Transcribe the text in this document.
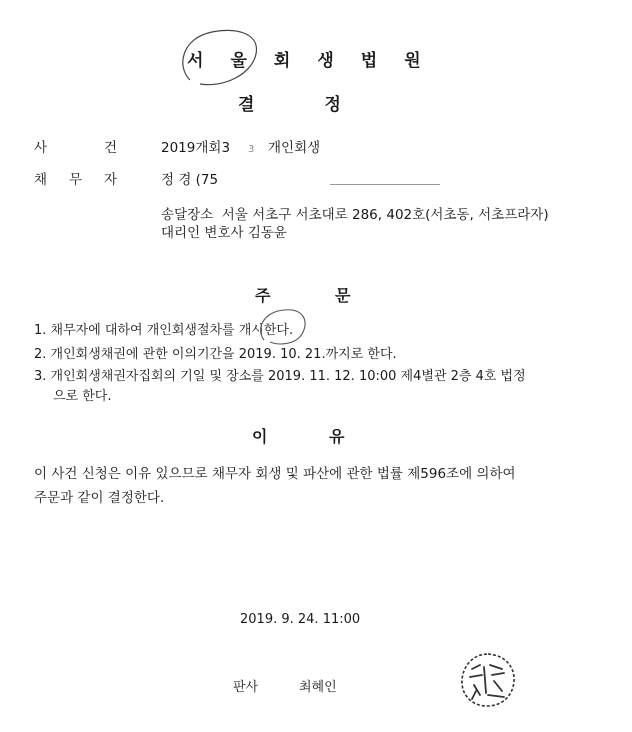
서 울 회 생 법 원
결	정
사	건	2019개회3 3 개인회생
채 무 자	정 경 (75
송달장소 서울 서초구 서초대로 286, 402호(서초동, 서초프라자)
대리인 변호사 김동윤
주	문
1. 채무자에 대하여 개인회생절차를 개시한다.
2. 개인회생채권에 관한 이의기간을 2019. 10. 21.까지로 한다.
3. 개인회생채권자집회의 기일 및 장소를 2019. 11. 12. 10:00 제4별관 2층 4호 법정
으로 한다.
이	유
이 사건 신청은 이유 있으므로 채무자 회생 및 파산에 관한 법률 제596조에 의하여
주문과 같이 결정한다.
2019. 9. 24. 11:00
판사	최혜인
